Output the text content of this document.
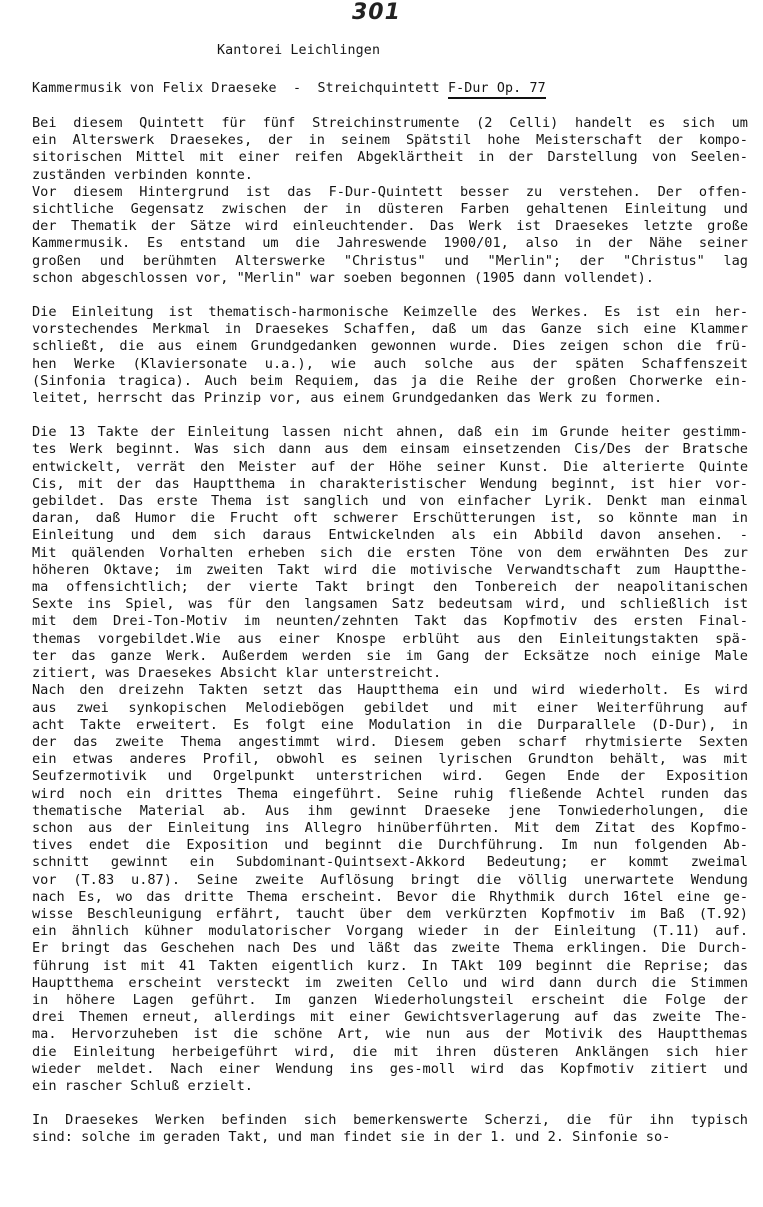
301
Kantorei Leichlingen
Kammermusik von Felix Draeseke  -  Streichquintett F-Dur Op. 77

Bei diesem Quintett für fünf Streichinstrumente (2 Celli) handelt es sich um
ein Alterswerk Draesekes, der in seinem Spätstil hohe Meisterschaft der kompo-
sitorischen Mittel mit einer reifen Abgeklärtheit in der Darstellung von Seelen-
zuständen verbinden konnte.
Vor diesem Hintergrund ist das F-Dur-Quintett besser zu verstehen. Der offen-
sichtliche Gegensatz zwischen der in düsteren Farben gehaltenen Einleitung und
der Thematik der Sätze wird einleuchtender. Das Werk ist Draesekes letzte große
Kammermusik. Es entstand um die Jahreswende 1900/01, also in der Nähe seiner
großen und berühmten Alterswerke "Christus" und "Merlin"; der "Christus" lag
schon abgeschlossen vor, "Merlin" war soeben begonnen (1905 dann vollendet).

Die Einleitung ist thematisch-harmonische Keimzelle des Werkes. Es ist ein her-
vorstechendes Merkmal in Draesekes Schaffen, daß um das Ganze sich eine Klammer
schließt, die aus einem Grundgedanken gewonnen wurde. Dies zeigen schon die frü-
hen Werke (Klaviersonate u.a.), wie auch solche aus der späten Schaffenszeit
(Sinfonia tragica). Auch beim Requiem, das ja die Reihe der großen Chorwerke ein-
leitet, herrscht das Prinzip vor, aus einem Grundgedanken das Werk zu formen.

Die 13 Takte der Einleitung lassen nicht ahnen, daß ein im Grunde heiter gestimm-
tes Werk beginnt. Was sich dann aus dem einsam einsetzenden Cis/Des der Bratsche
entwickelt, verrät den Meister auf der Höhe seiner Kunst. Die alterierte Quinte
Cis, mit der das Hauptthema in charakteristischer Wendung beginnt, ist hier vor-
gebildet. Das erste Thema ist sanglich und von einfacher Lyrik. Denkt man einmal
daran, daß Humor die Frucht oft schwerer Erschütterungen ist, so könnte man in
Einleitung und dem sich daraus Entwickelnden als ein Abbild davon ansehen. -
Mit quälenden Vorhalten erheben sich die ersten Töne von dem erwähnten Des zur
höheren Oktave; im zweiten Takt wird die motivische Verwandtschaft zum Hauptthe-
ma offensichtlich; der vierte Takt bringt den Tonbereich der neapolitanischen
Sexte ins Spiel, was für den langsamen Satz bedeutsam wird, und schließlich ist
mit dem Drei-Ton-Motiv im neunten/zehnten Takt das Kopfmotiv des ersten Final-
themas vorgebildet.Wie aus einer Knospe erblüht aus den Einleitungstakten spä-
ter das ganze Werk. Außerdem werden sie im Gang der Ecksätze noch einige Male
zitiert, was Draesekes Absicht klar unterstreicht.
Nach den dreizehn Takten setzt das Hauptthema ein und wird wiederholt. Es wird
aus zwei synkopischen Melodiebögen gebildet und mit einer Weiterführung auf
acht Takte erweitert. Es folgt eine Modulation in die Durparallele (D-Dur), in
der das zweite Thema angestimmt wird. Diesem geben scharf rhytmisierte Sexten
ein etwas anderes Profil, obwohl es seinen lyrischen Grundton behält, was mit
Seufzermotivik und Orgelpunkt unterstrichen wird. Gegen Ende der Exposition
wird noch ein drittes Thema eingeführt. Seine ruhig fließende Achtel runden das
thematische Material ab. Aus ihm gewinnt Draeseke jene Tonwiederholungen, die
schon aus der Einleitung ins Allegro hinüberführten. Mit dem Zitat des Kopfmo-
tives endet die Exposition und beginnt die Durchführung. Im nun folgenden Ab-
schnitt gewinnt ein Subdominant-Quintsext-Akkord Bedeutung; er kommt zweimal
vor (T.83 u.87). Seine zweite Auflösung bringt die völlig unerwartete Wendung
nach Es, wo das dritte Thema erscheint. Bevor die Rhythmik durch 16tel eine ge-
wisse Beschleunigung erfährt, taucht über dem verkürzten Kopfmotiv im Baß (T.92)
ein ähnlich kühner modulatorischer Vorgang wieder in der Einleitung (T.11) auf.
Er bringt das Geschehen nach Des und läßt das zweite Thema erklingen. Die Durch-
führung ist mit 41 Takten eigentlich kurz. In TAkt 109 beginnt die Reprise; das
Hauptthema erscheint versteckt im zweiten Cello und wird dann durch die Stimmen
in höhere Lagen geführt. Im ganzen Wiederholungsteil erscheint die Folge der
drei Themen erneut, allerdings mit einer Gewichtsverlagerung auf das zweite The-
ma. Hervorzuheben ist die schöne Art, wie nun aus der Motivik des Hauptthemas
die Einleitung herbeigeführt wird, die mit ihren düsteren Anklängen sich hier
wieder meldet. Nach einer Wendung ins ges-moll wird das Kopfmotiv zitiert und
ein rascher Schluß erzielt.

In Draesekes Werken befinden sich bemerkenswerte Scherzi, die für ihn typisch
sind: solche im geraden Takt, und man findet sie in der 1. und 2. Sinfonie so-
